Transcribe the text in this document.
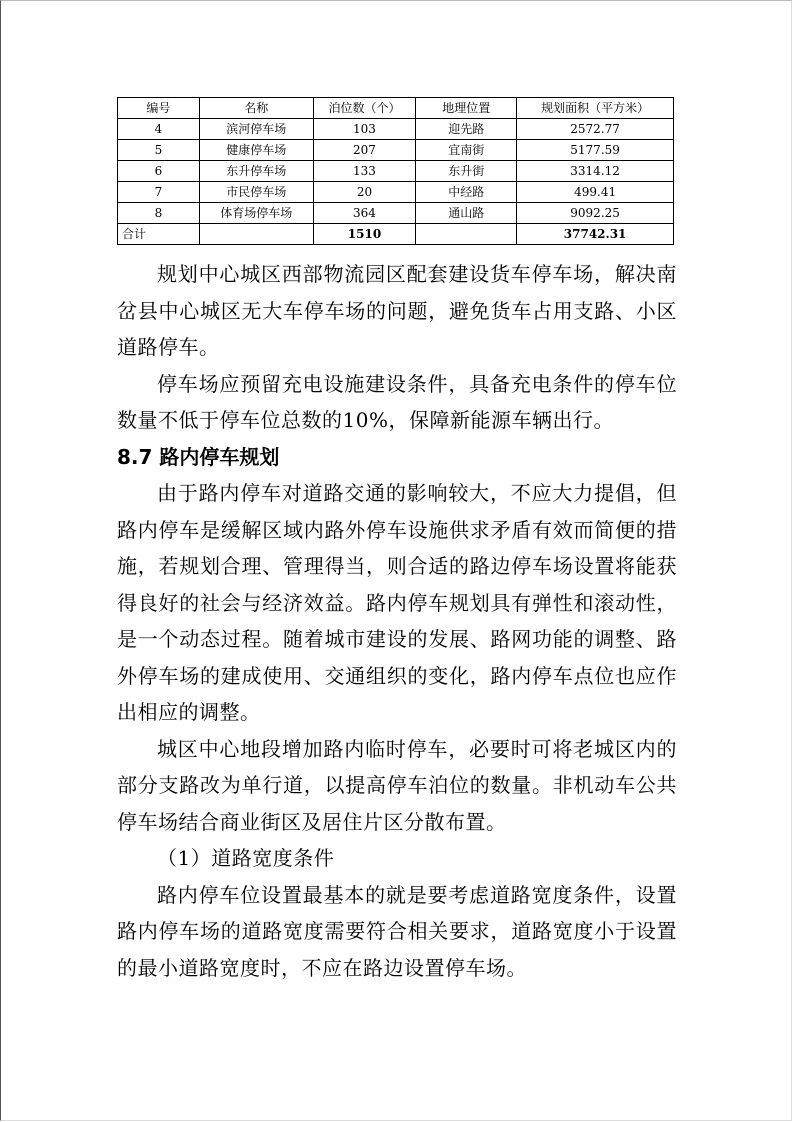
编号	名称	泊位数（个）	地理位置	规划面积（平方米）
4	滨河停车场	103	迎先路	2572.77
5	健康停车场	207	宜南街	5177.59
6	东升停车场	133	东升街	3314.12
7	市民停车场	20	中经路	499.41
8	体育场停车场	364	通山路	9092.25
合计		1510		37742.31

规划中心城区西部物流园区配套建设货车停车场，解决南岔县中心城区无大车停车场的问题，避免货车占用支路、小区道路停车。

停车场应预留充电设施建设条件，具备充电条件的停车位数量不低于停车位总数的10%，保障新能源车辆出行。

8.7 路内停车规划

由于路内停车对道路交通的影响较大，不应大力提倡，但路内停车是缓解区域内路外停车设施供求矛盾有效而简便的措施，若规划合理、管理得当，则合适的路边停车场设置将能获得良好的社会与经济效益。路内停车规划具有弹性和滚动性，是一个动态过程。随着城市建设的发展、路网功能的调整、路外停车场的建成使用、交通组织的变化，路内停车点位也应作出相应的调整。

城区中心地段增加路内临时停车，必要时可将老城区内的部分支路改为单行道，以提高停车泊位的数量。非机动车公共停车场结合商业街区及居住片区分散布置。

（1）道路宽度条件

路内停车位设置最基本的就是要考虑道路宽度条件，设置路内停车场的道路宽度需要符合相关要求，道路宽度小于设置的最小道路宽度时，不应在路边设置停车场。
